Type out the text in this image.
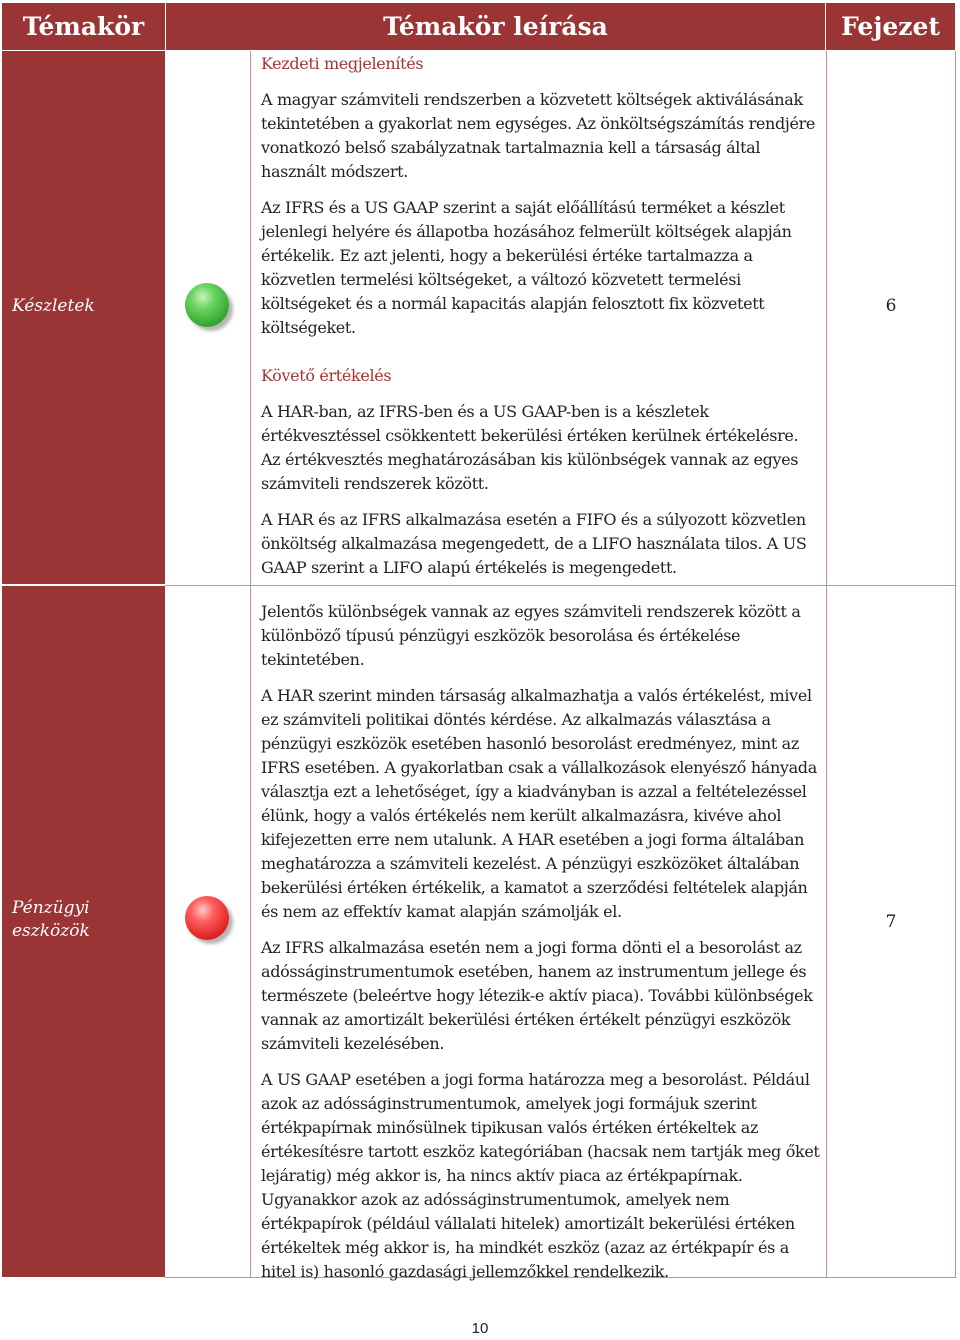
Témakör	Témakör leírása	Fejezet
Készletek
Pénzügyi eszközök
6
7
Kezdeti megjelenítés

A magyar számviteli rendszerben a közvetett költségek aktiválásának tekintetében a gyakorlat nem egységes. Az önköltségszámítás rendjére vonatkozó belső szabályzatnak tartalmaznia kell a társaság által használt módszert.

Az IFRS és a US GAAP szerint a saját előállítású terméket a készlet jelenlegi helyére és állapotba hozásához felmerült költségek alapján értékelik. Ez azt jelenti, hogy a bekerülési értéke tartalmazza a közvetlen termelési költségeket, a változó közvetett termelési költségeket és a normál kapacitás alapján felosztott fix közvetett költségeket.

Követő értékelés

A HAR-ban, az IFRS-ben és a US GAAP-ben is a készletek értékvesztéssel csökkentett bekerülési értéken kerülnek értékelésre. Az értékvesztés meghatározásában kis különbségek vannak az egyes számviteli rendszerek között.

A HAR és az IFRS alkalmazása esetén a FIFO és a súlyozott közvetlen önköltség alkalmazása megengedett, de a LIFO használata tilos. A US GAAP szerint a LIFO alapú értékelés is megengedett.

Jelentős különbségek vannak az egyes számviteli rendszerek között a különböző típusú pénzügyi eszközök besorolása és értékelése tekintetében.

A HAR szerint minden társaság alkalmazhatja a valós értékelést, mivel ez számviteli politikai döntés kérdése. Az alkalmazás választása a pénzügyi eszközök esetében hasonló besorolást eredményez, mint az IFRS esetében. A gyakorlatban csak a vállalkozások elenyésző hányada választja ezt a lehetőséget, így a kiadványban is azzal a feltételezéssel élünk, hogy a valós értékelés nem került alkalmazásra, kivéve ahol kifejezetten erre nem utalunk. A HAR esetében a jogi forma általában meghatározza a számviteli kezelést. A pénzügyi eszközöket általában bekerülési értéken értékelik, a kamatot a szerződési feltételek alapján és nem az effektív kamat alapján számolják el.

Az IFRS alkalmazása esetén nem a jogi forma dönti el a besorolást az adósságinstrumentumok esetében, hanem az instrumentum jellege és természete (beleértve hogy létezik-e aktív piaca). További különbségek vannak az amortizált bekerülési értéken értékelt pénzügyi eszközök számviteli kezelésében.

A US GAAP esetében a jogi forma határozza meg a besorolást. Például azok az adósságinstrumentumok, amelyek jogi formájuk szerint értékpapírnak minősülnek tipikusan valós értéken értékeltek az értékesítésre tartott eszköz kategóriában (hacsak nem tartják meg őket lejáratig) még akkor is, ha nincs aktív piaca az értékpapírnak. Ugyanakkor azok az adósságinstrumentumok, amelyek nem értékpapírok (például vállalati hitelek) amortizált bekerülési értéken értékeltek még akkor is, ha mindkét eszköz (azaz az értékpapír és a hitel is) hasonló gazdasági jellemzőkkel rendelkezik.

10
